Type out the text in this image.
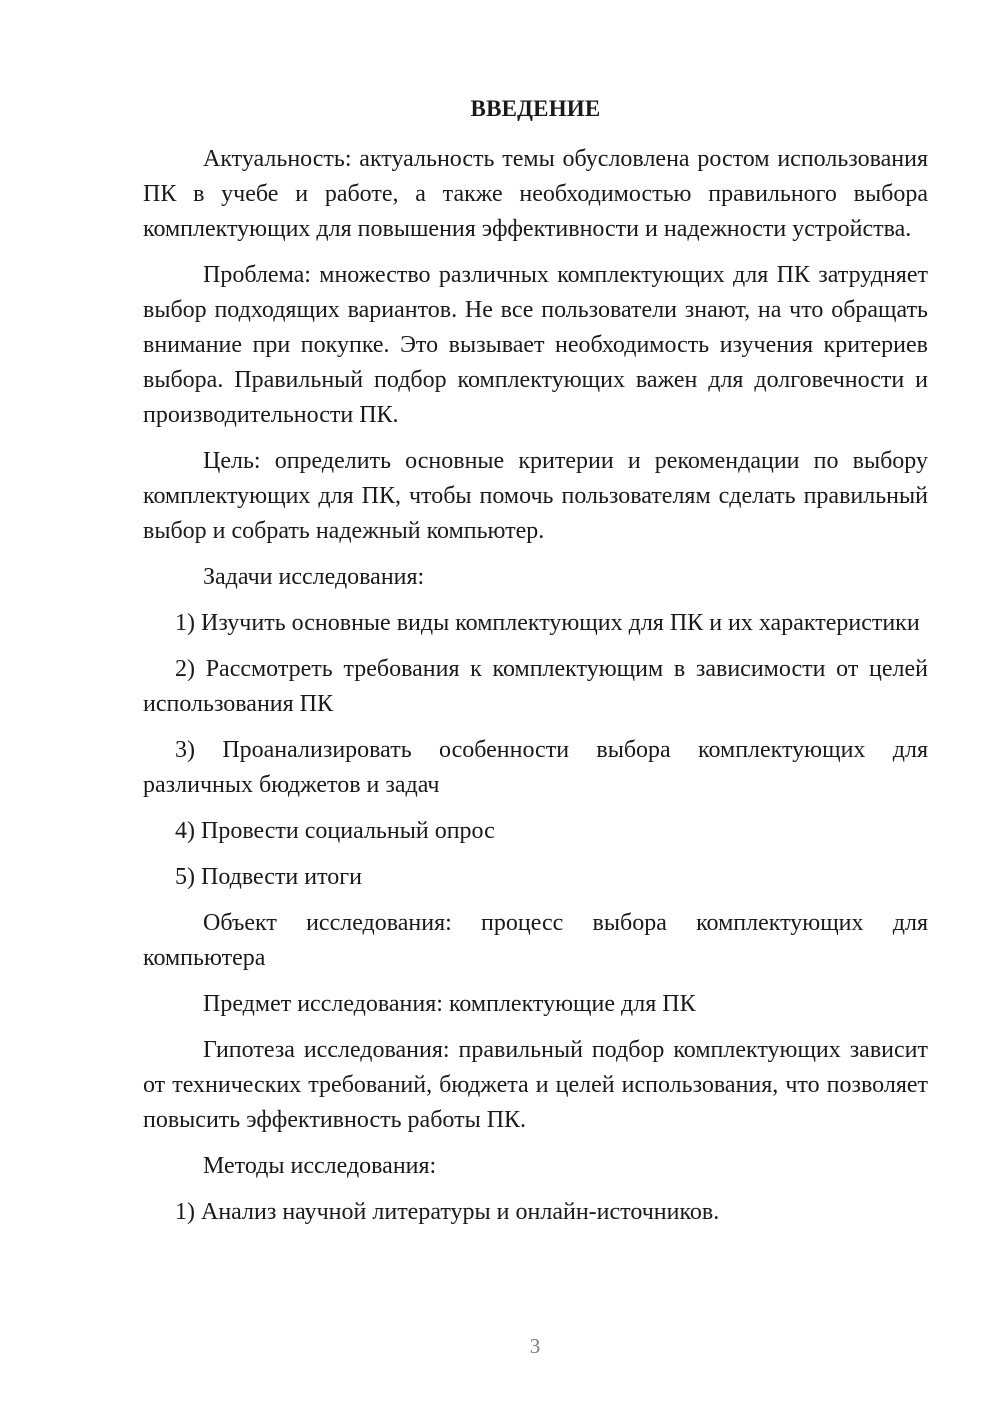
ВВЕДЕНИЕ

Актуальность: актуальность темы обусловлена ростом использования ПК в учебе и работе, а также необходимостью правильного выбора комплектующих для повышения эффективности и надежности устройства.

Проблема: множество различных комплектующих для ПК затрудняет выбор подходящих вариантов. Не все пользователи знают, на что обращать внимание при покупке. Это вызывает необходимость изучения критериев выбора. Правильный подбор комплектующих важен для долговечности и производительности ПК.

Цель: определить основные критерии и рекомендации по выбору комплектующих для ПК, чтобы помочь пользователям сделать правильный выбор и собрать надежный компьютер.

Задачи исследования:

1) Изучить основные виды комплектующих для ПК и их характеристики

2) Рассмотреть требования к комплектующим в зависимости от целей использования ПК

3) Проанализировать особенности выбора комплектующих для различных бюджетов и задач

4) Провести социальный опрос

5) Подвести итоги

Объект исследования: процесс выбора комплектующих для компьютера

Предмет исследования: комплектующие для ПК

Гипотеза исследования: правильный подбор комплектующих зависит от технических требований, бюджета и целей использования, что позволяет повысить эффективность работы ПК.

Методы исследования:

1) Анализ научной литературы и онлайн-источников.

3
